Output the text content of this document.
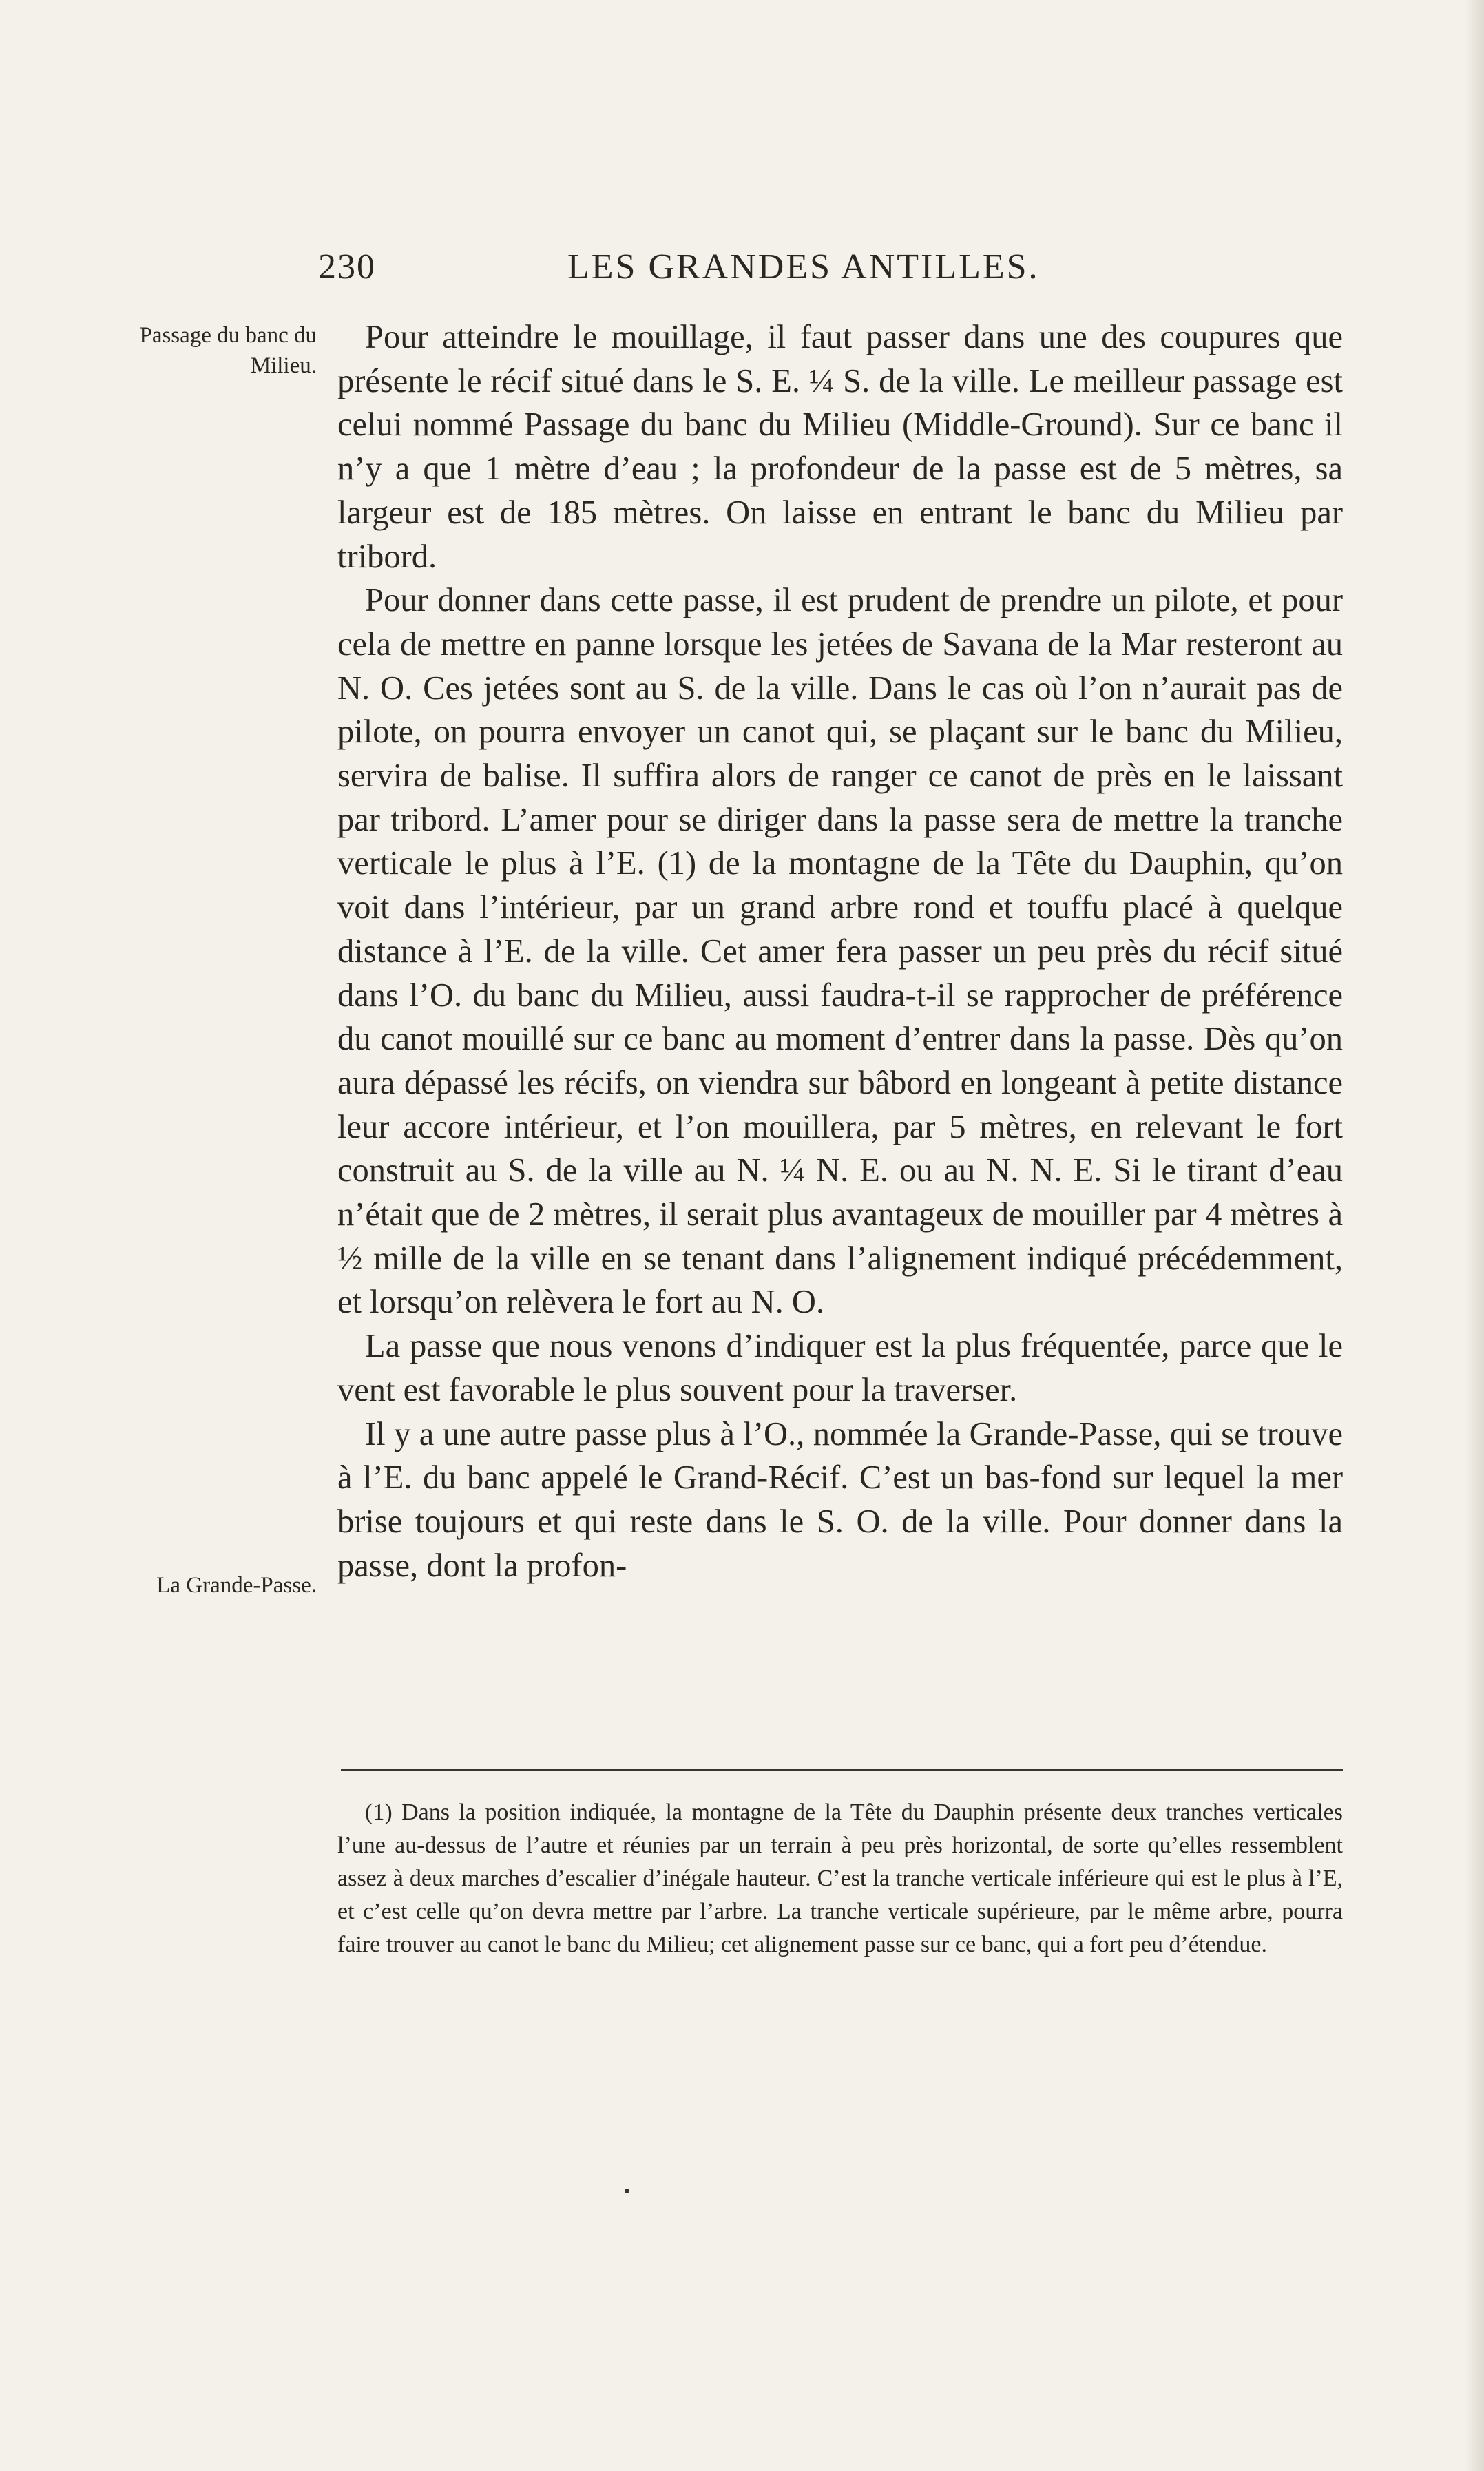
230	LES GRANDES ANTILLES.
Passage du banc du Milieu.
La Grande-Passe.

Pour atteindre le mouillage, il faut passer dans une des coupures que présente le récif situé dans le S. E. ¼ S. de la ville. Le meilleur passage est celui nommé Passage du banc du Milieu (Middle-Ground). Sur ce banc il n’y a que 1 mètre d’eau ; la profondeur de la passe est de 5 mètres, sa largeur est de 185 mètres. On laisse en entrant le banc du Milieu par tribord.

Pour donner dans cette passe, il est prudent de prendre un pilote, et pour cela de mettre en panne lorsque les jetées de Savana de la Mar resteront au N. O. Ces jetées sont au S. de la ville. Dans le cas où l’on n’aurait pas de pilote, on pourra envoyer un canot qui, se plaçant sur le banc du Milieu, servira de balise. Il suffira alors de ranger ce canot de près en le laissant par tribord. L’amer pour se diriger dans la passe sera de mettre la tranche verticale le plus à l’E. (1) de la montagne de la Tête du Dauphin, qu’on voit dans l’intérieur, par un grand arbre rond et touffu placé à quelque distance à l’E. de la ville. Cet amer fera passer un peu près du récif situé dans l’O. du banc du Milieu, aussi faudra-t-il se rapprocher de préférence du canot mouillé sur ce banc au moment d’entrer dans la passe. Dès qu’on aura dépassé les récifs, on viendra sur bâbord en longeant à petite distance leur accore intérieur, et l’on mouillera, par 5 mètres, en relevant le fort construit au S. de la ville au N. ¼ N. E. ou au N. N. E. Si le tirant d’eau n’était que de 2 mètres, il serait plus avantageux de mouiller par 4 mètres à ½ mille de la ville en se tenant dans l’alignement indiqué précédemment, et lorsqu’on relèvera le fort au N. O.

La passe que nous venons d’indiquer est la plus fréquentée, parce que le vent est favorable le plus souvent pour la traverser.

Il y a une autre passe plus à l’O., nommée la Grande-Passe, qui se trouve à l’E. du banc appelé le Grand-Récif. C’est un bas-fond sur lequel la mer brise toujours et qui reste dans le S. O. de la ville. Pour donner dans la passe, dont la profon-

(1) Dans la position indiquée, la montagne de la Tête du Dauphin présente deux tranches verticales l’une au-dessus de l’autre et réunies par un terrain à peu près horizontal, de sorte qu’elles ressemblent assez à deux marches d’escalier d’inégale hauteur. C’est la tranche verticale inférieure qui est le plus à l’E, et c’est celle qu’on devra mettre par l’arbre. La tranche verticale supérieure, par le même arbre, pourra faire trouver au canot le banc du Milieu; cet alignement passe sur ce banc, qui a fort peu d’étendue.
